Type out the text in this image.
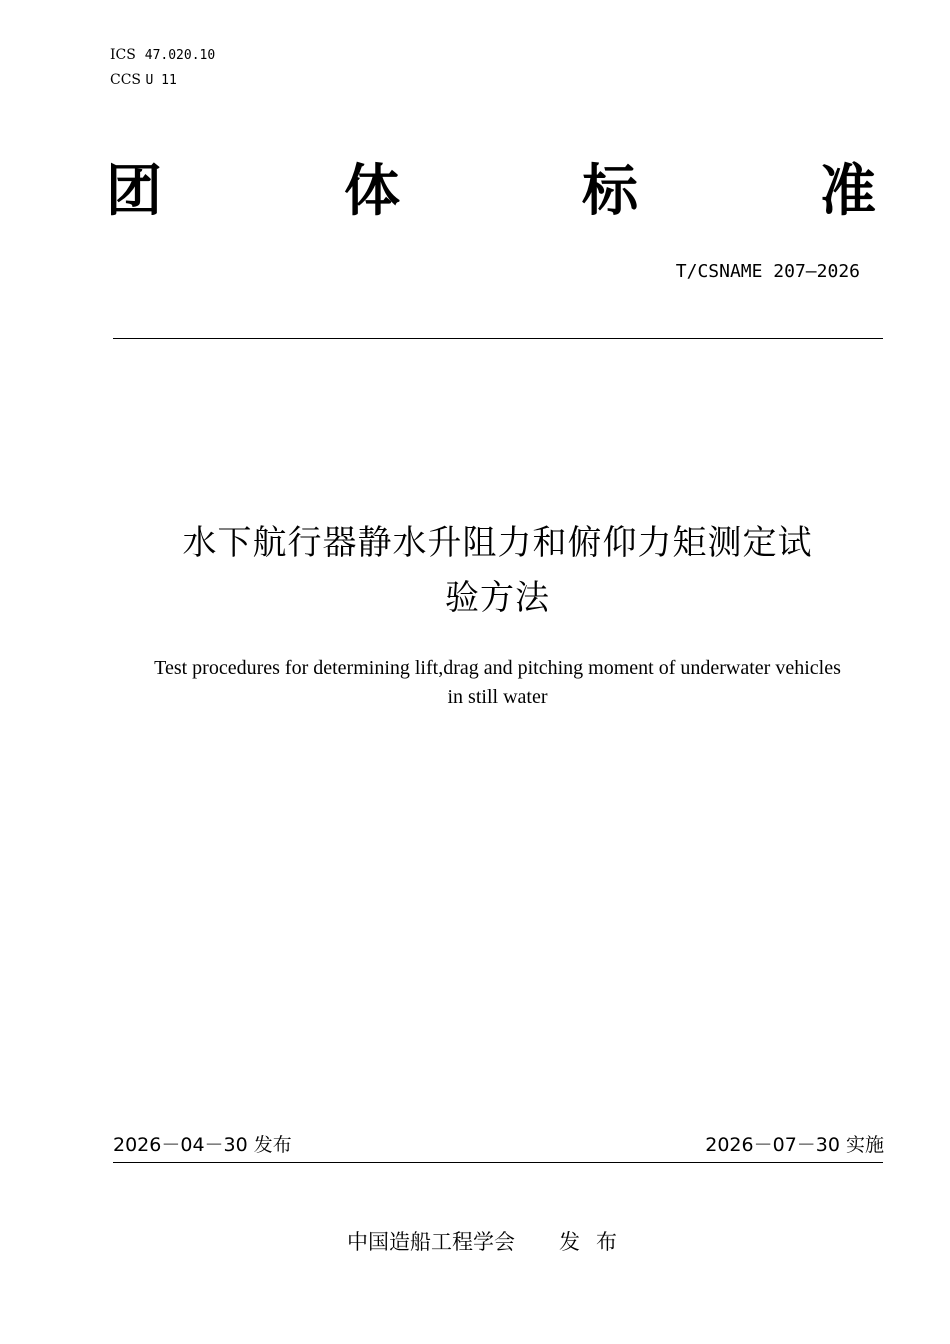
ICS 47.020.10
CCS U 11
团	体	标	准
T/CSNAME 207—2026
水下航行器静水升阻力和俯仰力矩测定试
验方法
Test procedures for determining lift,drag and pitching moment of underwater vehicles
in still water
2026－04－30 发布	2026－07－30 实施
中国造船工程学会 发布
